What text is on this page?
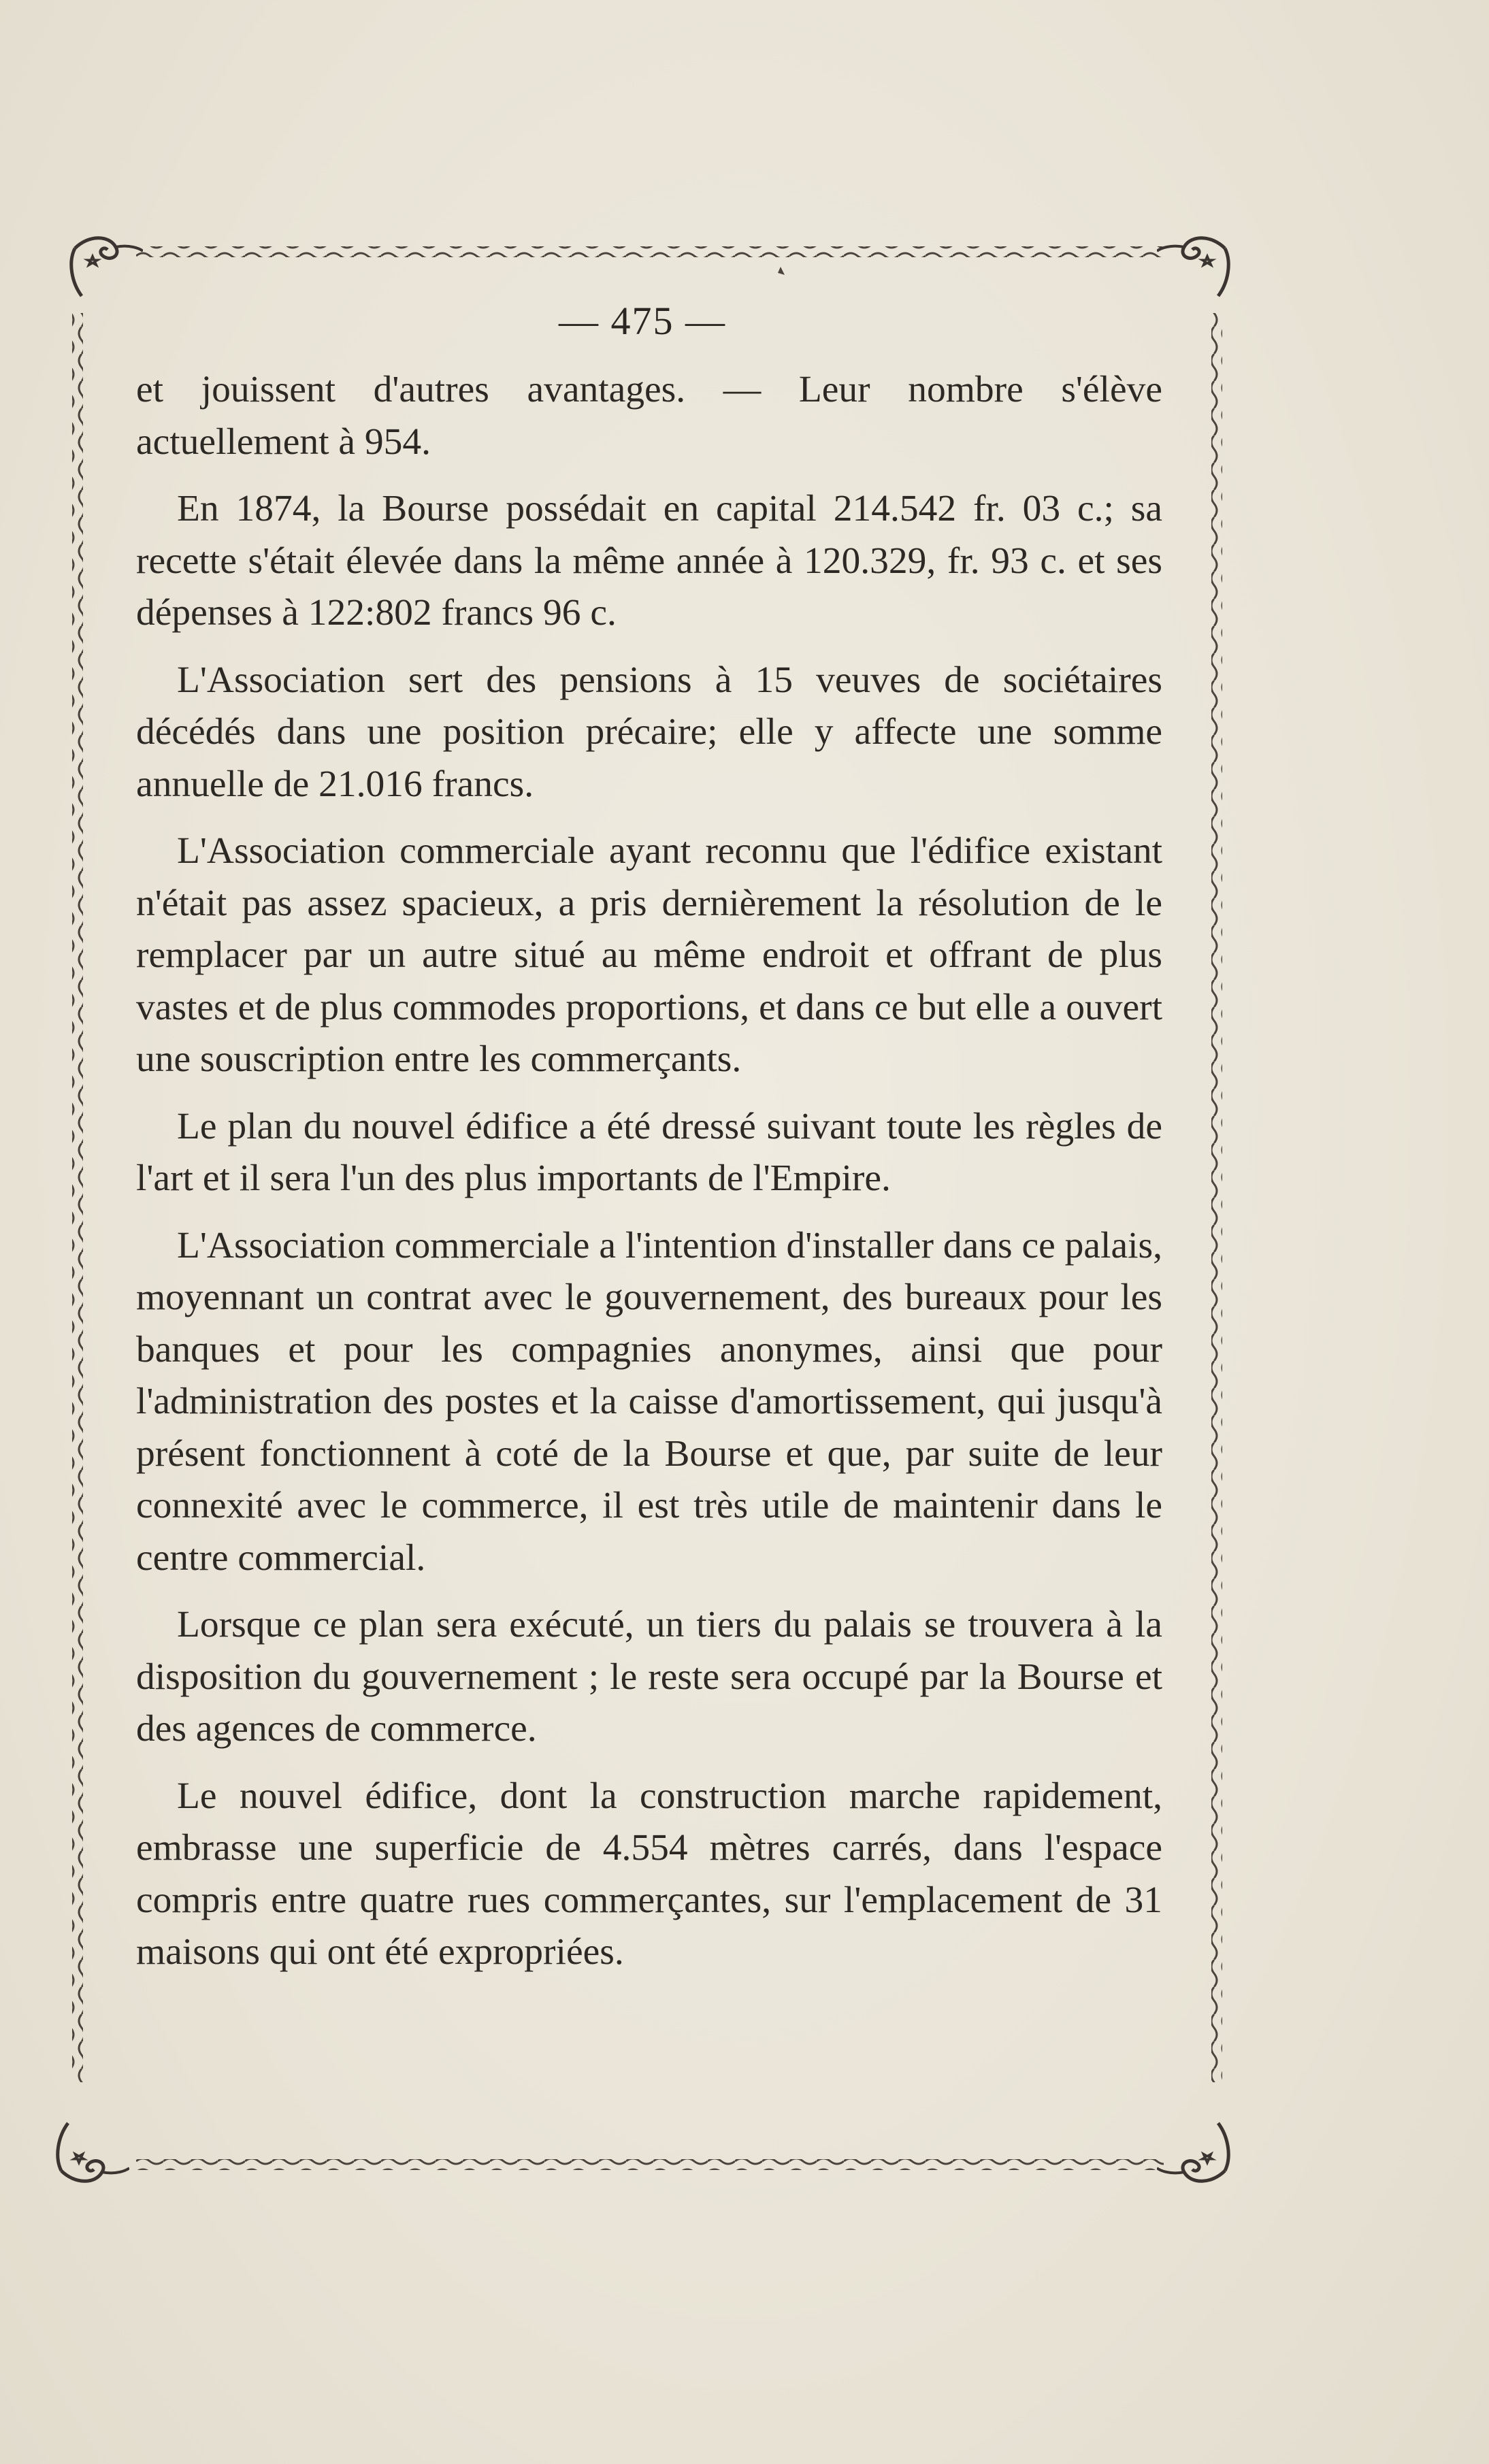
— 475 —

et jouissent d'autres avantages. — Leur nombre s'élève actuellement à 954.

En 1874, la Bourse possédait en capital 214.542 fr. 03 c.; sa recette s'était élevée dans la même année à 120.329, fr. 93 c. et ses dépenses à 122:802 francs 96 c.

L'Association sert des pensions à 15 veuves de sociétaires décédés dans une position précaire; elle y affecte une somme annuelle de 21.016 francs.

L'Association commerciale ayant reconnu que l'édifice existant n'était pas assez spacieux, a pris dernièrement la résolution de le remplacer par un autre situé au même endroit et offrant de plus vastes et de plus commodes proportions, et dans ce but elle a ouvert une souscription entre les commerçants.

Le plan du nouvel édifice a été dressé suivant toute les règles de l'art et il sera l'un des plus importants de l'Empire.

L'Association commerciale a l'intention d'installer dans ce palais, moyennant un contrat avec le gouvernement, des bureaux pour les banques et pour les compagnies anonymes, ainsi que pour l'administration des postes et la caisse d'amortissement, qui jusqu'à présent fonctionnent à coté de la Bourse et que, par suite de leur connexité avec le commerce, il est très utile de maintenir dans le centre commercial.

Lorsque ce plan sera exécuté, un tiers du palais se trouvera à la disposition du gouvernement ; le reste sera occupé par la Bourse et des agences de commerce.

Le nouvel édifice, dont la construction marche rapidement, embrasse une superficie de 4.554 mètres carrés, dans l'espace compris entre quatre rues commerçantes, sur l'emplacement de 31 maisons qui ont été expropriées.
